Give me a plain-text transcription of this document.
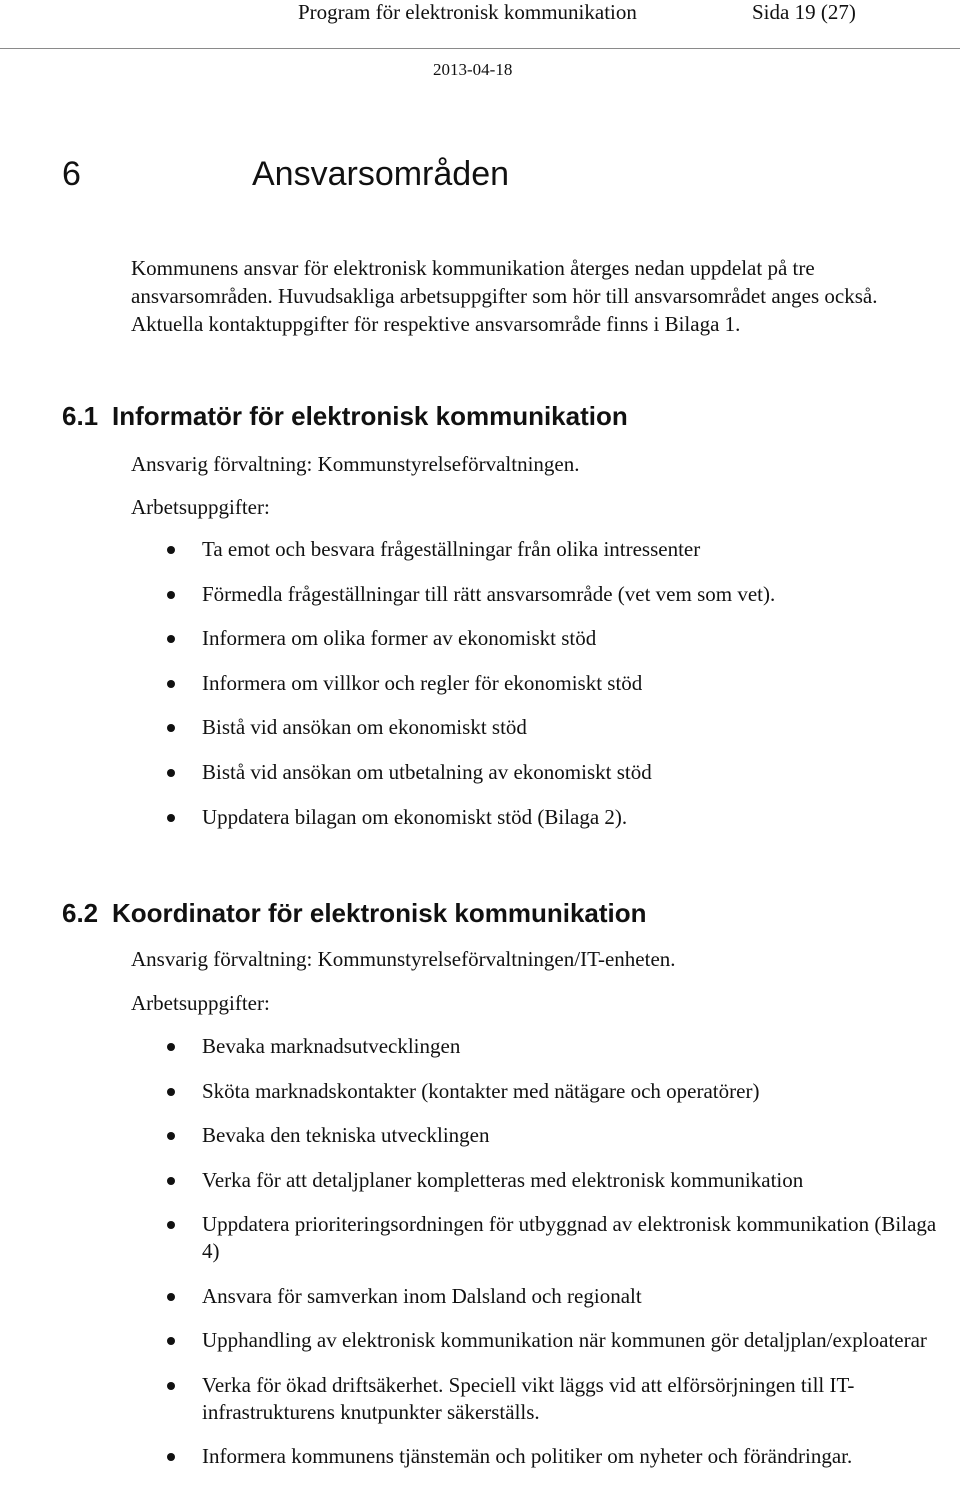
Program för elektronisk kommunikation	Sida 19 (27)
2013-04-18
6	Ansvarsområden

Kommunens ansvar för elektronisk kommunikation återges nedan uppdelat på tre ansvarsområden. Huvudsakliga arbetsuppgifter som hör till ansvarsområdet anges också. Aktuella kontaktuppgifter för respektive ansvarsområde finns i Bilaga 1.

6.1 Informatör för elektronisk kommunikation
Ansvarig förvaltning: Kommunstyrelseförvaltningen.
Arbetsuppgifter:
Ta emot och besvara frågeställningar från olika intressenter
Förmedla frågeställningar till rätt ansvarsområde (vet vem som vet).
Informera om olika former av ekonomiskt stöd
Informera om villkor och regler för ekonomiskt stöd
Bistå vid ansökan om ekonomiskt stöd
Bistå vid ansökan om utbetalning av ekonomiskt stöd
Uppdatera bilagan om ekonomiskt stöd (Bilaga 2).
6.2 Koordinator för elektronisk kommunikation
Ansvarig förvaltning: Kommunstyrelseförvaltningen/IT-enheten.
Arbetsuppgifter:
Bevaka marknadsutvecklingen
Sköta marknadskontakter (kontakter med nätägare och operatörer)
Bevaka den tekniska utvecklingen
Verka för att detaljplaner kompletteras med elektronisk kommunikation
Uppdatera prioriteringsordningen för utbyggnad av elektronisk kommunikation (Bilaga 4)
Ansvara för samverkan inom Dalsland och regionalt
Upphandling av elektronisk kommunikation när kommunen gör detaljplan/exploaterar
Verka för ökad driftsäkerhet. Speciell vikt läggs vid att elförsörjningen till IT-infrastrukturens knutpunkter säkerställs.
Informera kommunens tjänstemän och politiker om nyheter och förändringar.
